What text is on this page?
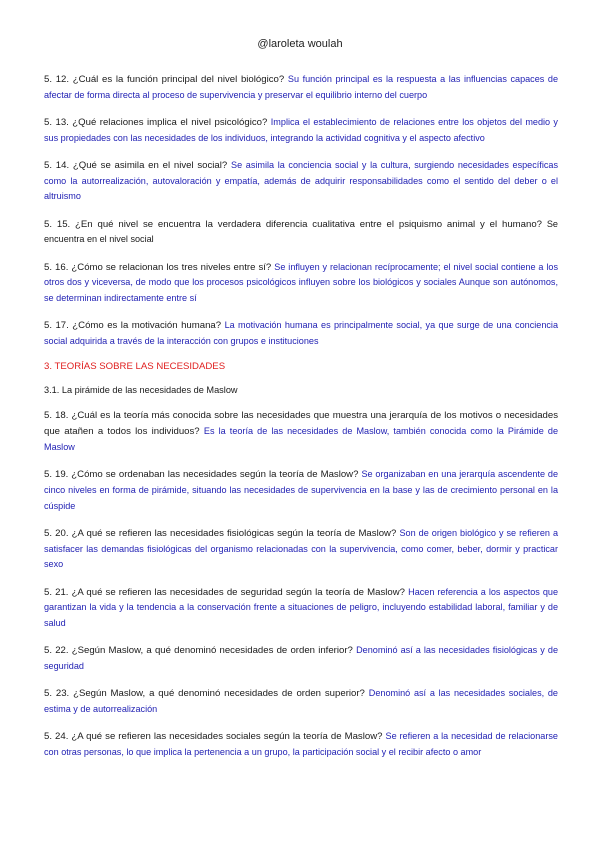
@laroleta woulah

5. 12. ¿Cuál es la función principal del nivel biológico? Su función principal es la respuesta a las influencias capaces de afectar de forma directa al proceso de supervivencia y preservar el equilibrio interno del cuerpo

5. 13. ¿Qué relaciones implica el nivel psicológico? Implica el establecimiento de relaciones entre los objetos del medio y sus propiedades con las necesidades de los individuos, integrando la actividad cognitiva y el aspecto afectivo

5. 14. ¿Qué se asimila en el nivel social? Se asimila la conciencia social y la cultura, surgiendo necesidades específicas como la autorrealización, autovaloración y empatía, además de adquirir responsabilidades como el sentido del deber o el altruismo

5. 15. ¿En qué nivel se encuentra la verdadera diferencia cualitativa entre el psiquismo animal y el humano? Se encuentra en el nivel social

5. 16. ¿Cómo se relacionan los tres niveles entre sí? Se influyen y relacionan recíprocamente; el nivel social contiene a los otros dos y viceversa, de modo que los procesos psicológicos influyen sobre los biológicos y sociales Aunque son autónomos, se determinan indirectamente entre sí

5. 17. ¿Cómo es la motivación humana? La motivación humana es principalmente social, ya que surge de una conciencia social adquirida a través de la interacción con grupos e instituciones

3. TEORÍAS SOBRE LAS NECESIDADES
3.1. La pirámide de las necesidades de Maslow

5. 18. ¿Cuál es la teoría más conocida sobre las necesidades que muestra una jerarquía de los motivos o necesidades que atañen a todos los individuos? Es la teoría de las necesidades de Maslow, también conocida como la Pirámide de Maslow

5. 19. ¿Cómo se ordenaban las necesidades según la teoría de Maslow? Se organizaban en una jerarquía ascendente de cinco niveles en forma de pirámide, situando las necesidades de supervivencia en la base y las de crecimiento personal en la cúspide

5. 20. ¿A qué se refieren las necesidades fisiológicas según la teoría de Maslow? Son de origen biológico y se refieren a satisfacer las demandas fisiológicas del organismo relacionadas con la supervivencia, como comer, beber, dormir y practicar sexo

5. 21. ¿A qué se refieren las necesidades de seguridad según la teoría de Maslow? Hacen referencia a los aspectos que garantizan la vida y la tendencia a la conservación frente a situaciones de peligro, incluyendo estabilidad laboral, familiar y de salud

5. 22. ¿Según Maslow, a qué denominó necesidades de orden inferior? Denominó así a las necesidades fisiológicas y de seguridad

5. 23. ¿Según Maslow, a qué denominó necesidades de orden superior? Denominó así a las necesidades sociales, de estima y de autorrealización

5. 24. ¿A qué se refieren las necesidades sociales según la teoría de Maslow? Se refieren a la necesidad de relacionarse con otras personas, lo que implica la pertenencia a un grupo, la participación social y el recibir afecto o amor
